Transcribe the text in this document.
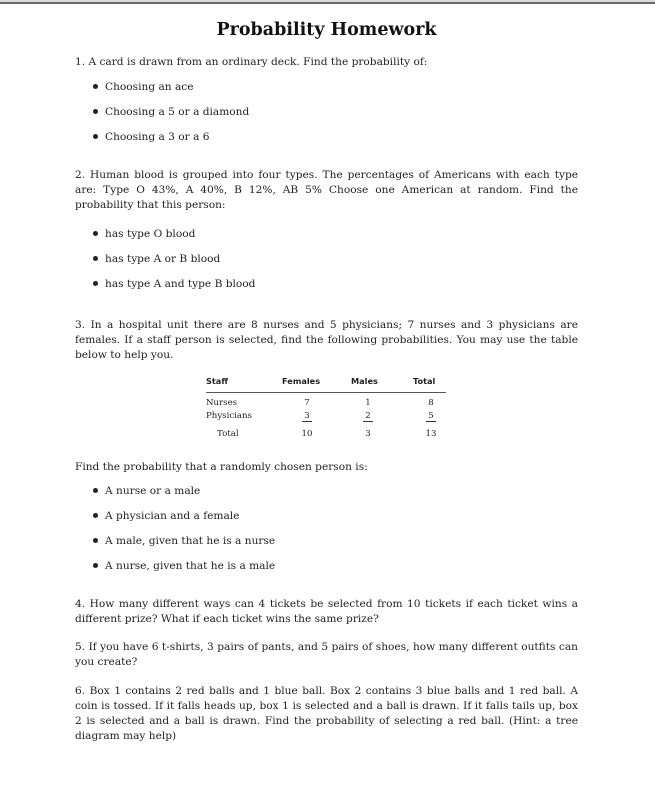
Probability Homework
1. A card is drawn from an ordinary deck. Find the probability of:
Choosing an ace
Choosing a 5 or a diamond
Choosing a 3 or a 6
2. Human blood is grouped into four types. The percentages of Americans with each type are: Type O 43%, A 40%, B 12%, AB 5% Choose one American at random. Find the probability that this person:
has type O blood
has type A or B blood
has type A and type B blood
3. In a hospital unit there are 8 nurses and 5 physicians; 7 nurses and 3 physicians are females. If a staff person is selected, find the following probabilities. You may use the table below to help you.
Staff	Females	Males	Total
Nurses	7	1	8
Physicians	3	2	5
Total	10	3	13
Find the probability that a randomly chosen person is:
A nurse or a male
A physician and a female
A male, given that he is a nurse
A nurse, given that he is a male
4. How many different ways can 4 tickets be selected from 10 tickets if each ticket wins a different prize? What if each ticket wins the same prize?
5. If you have 6 t-shirts, 3 pairs of pants, and 5 pairs of shoes, how many different outfits can you create?
6. Box 1 contains 2 red balls and 1 blue ball. Box 2 contains 3 blue balls and 1 red ball. A coin is tossed. If it falls heads up, box 1 is selected and a ball is drawn. If it falls tails up, box 2 is selected and a ball is drawn. Find the probability of selecting a red ball. (Hint: a tree diagram may help)
